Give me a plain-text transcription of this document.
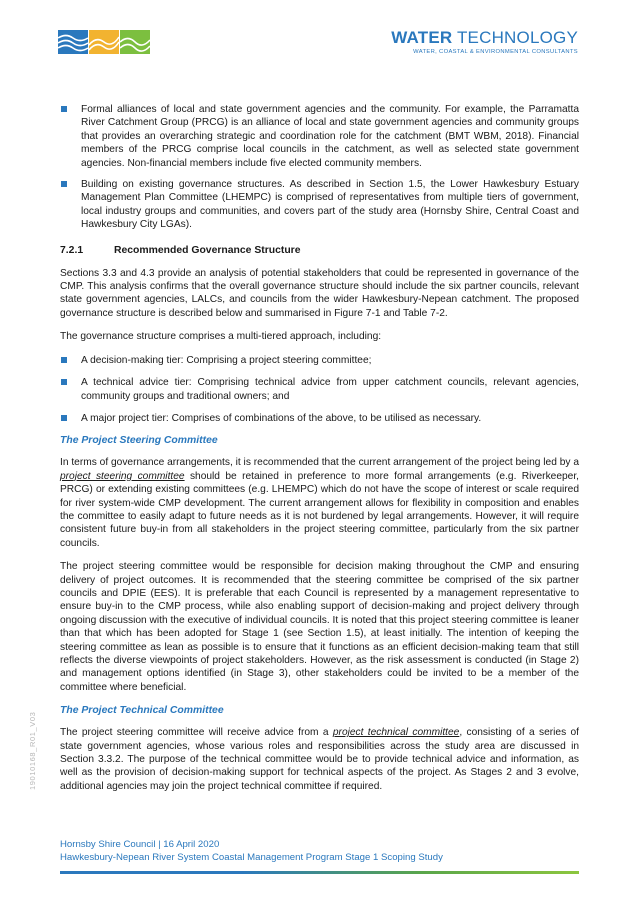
WATER TECHNOLOGY
WATER, COASTAL & ENVIRONMENTAL CONSULTANTS
Formal alliances of local and state government agencies and the community. For example, the Parramatta River Catchment Group (PRCG) is an alliance of local and state government agencies and community groups that provides an overarching strategic and coordination role for the catchment (BMT WBM, 2018). Financial members of the PRCG comprise local councils in the catchment, as well as selected state government agencies. Non-financial members include five elected community members.
Building on existing governance structures. As described in Section 1.5, the Lower Hawkesbury Estuary Management Plan Committee (LHEMPC) is comprised of representatives from multiple tiers of government, local industry groups and communities, and covers part of the study area (Hornsby Shire, Central Coast and Hawkesbury City LGAs).
7.2.1	Recommended Governance Structure

Sections 3.3 and 4.3 provide an analysis of potential stakeholders that could be represented in governance of the CMP. This analysis confirms that the overall governance structure should include the six partner councils, relevant state government agencies, LALCs, and councils from the wider Hawkesbury-Nepean catchment. The proposed governance structure is described below and summarised in Figure 7-1 and Table 7-2.

The governance structure comprises a multi-tiered approach, including:

A decision-making tier: Comprising a project steering committee;
A technical advice tier: Comprising technical advice from upper catchment councils, relevant agencies, community groups and traditional owners; and
A major project tier: Comprises of combinations of the above, to be utilised as necessary.
The Project Steering Committee

In terms of governance arrangements, it is recommended that the current arrangement of the project being led by a project steering committee should be retained in preference to more formal arrangements (e.g. Riverkeeper, PRCG) or extending existing committees (e.g. LHEMPC) which do not have the scope of interest or scale required for river system-wide CMP development. The current arrangement allows for flexibility in composition and enables the committee to easily adapt to future needs as it is not burdened by legal arrangements. However, it will require consistent future buy-in from all stakeholders in the project steering committee, particularly from the six partner councils.

The project steering committee would be responsible for decision making throughout the CMP and ensuring delivery of project outcomes. It is recommended that the steering committee be comprised of the six partner councils and DPIE (EES). It is preferable that each Council is represented by a management representative to ensure buy-in to the CMP process, while also enabling support of decision-making and project delivery through ongoing discussion with the executive of individual councils. It is noted that this project steering committee is leaner than that which has been adopted for Stage 1 (see Section 1.5), at least initially. The intention of keeping the steering committee as lean as possible is to ensure that it functions as an efficient decision-making team that still reflects the diverse viewpoints of project stakeholders. However, as the risk assessment is conducted (in Stage 2) and management options identified (in Stage 3), other stakeholders could be invited to be a member of the committee where beneficial.

The Project Technical Committee

The project steering committee will receive advice from a project technical committee, consisting of a series of state government agencies, whose various roles and responsibilities across the study area are discussed in Section 3.3.2. The purpose of the technical committee would be to provide technical advice and information, as well as the provision of decision-making support for technical aspects of the project. As Stages 2 and 3 evolve, additional agencies may join the project technical committee if required.

19010168_R01_V03
Hornsby Shire Council | 16 April 2020
Hawkesbury-Nepean River System Coastal Management Program Stage 1 Scoping Study
